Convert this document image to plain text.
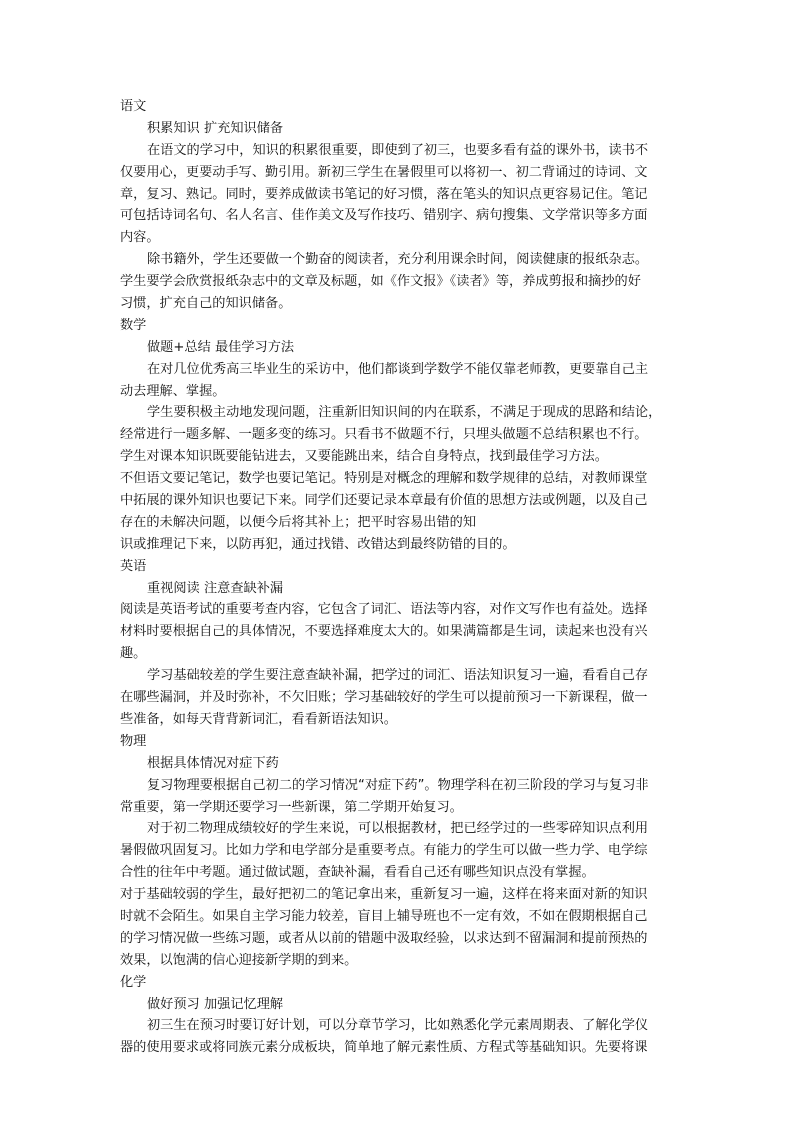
语文
积累知识 扩充知识储备
在语文的学习中，知识的积累很重要，即使到了初三，也要多看有益的课外书，读书不
仅要用心，更要动手写、勤引用。新初三学生在暑假里可以将初一、初二背诵过的诗词、文
章，复习、熟记。同时，要养成做读书笔记的好习惯，落在笔头的知识点更容易记住。笔记
可包括诗词名句、名人名言、佳作美文及写作技巧、错别字、病句搜集、文学常识等多方面
内容。
除书籍外，学生还要做一个勤奋的阅读者，充分利用课余时间，阅读健康的报纸杂志。
学生要学会欣赏报纸杂志中的文章及标题，如《作文报》《读者》等，养成剪报和摘抄的好
习惯，扩充自己的知识储备。
数学
做题+总结 最佳学习方法
在对几位优秀高三毕业生的采访中，他们都谈到学数学不能仅靠老师教，更要靠自己主
动去理解、掌握。
学生要积极主动地发现问题，注重新旧知识间的内在联系，不满足于现成的思路和结论，
经常进行一题多解、一题多变的练习。只看书不做题不行，只埋头做题不总结积累也不行。
学生对课本知识既要能钻进去，又要能跳出来，结合自身特点，找到最佳学习方法。
不但语文要记笔记，数学也要记笔记。特别是对概念的理解和数学规律的总结，对教师课堂
中拓展的课外知识也要记下来。同学们还要记录本章最有价值的思想方法或例题，以及自己
存在的未解决问题，以便今后将其补上；把平时容易出错的知
识或推理记下来，以防再犯，通过找错、改错达到最终防错的目的。
英语
重视阅读 注意查缺补漏
阅读是英语考试的重要考查内容，它包含了词汇、语法等内容，对作文写作也有益处。选择
材料时要根据自己的具体情况，不要选择难度太大的。如果满篇都是生词，读起来也没有兴
趣。
学习基础较差的学生要注意查缺补漏，把学过的词汇、语法知识复习一遍，看看自己存
在哪些漏洞，并及时弥补，不欠旧账；学习基础较好的学生可以提前预习一下新课程，做一
些准备，如每天背背新词汇，看看新语法知识。
物理
根据具体情况对症下药
复习物理要根据自己初二的学习情况“对症下药”。物理学科在初三阶段的学习与复习非
常重要，第一学期还要学习一些新课，第二学期开始复习。
对于初二物理成绩较好的学生来说，可以根据教材，把已经学过的一些零碎知识点利用
暑假做巩固复习。比如力学和电学部分是重要考点。有能力的学生可以做一些力学、电学综
合性的往年中考题。通过做试题，查缺补漏，看看自己还有哪些知识点没有掌握。
对于基础较弱的学生，最好把初二的笔记拿出来，重新复习一遍，这样在将来面对新的知识
时就不会陌生。如果自主学习能力较差，盲目上辅导班也不一定有效，不如在假期根据自己
的学习情况做一些练习题，或者从以前的错题中汲取经验，以求达到不留漏洞和提前预热的
效果，以饱满的信心迎接新学期的到来。
化学
做好预习 加强记忆理解
初三生在预习时要订好计划，可以分章节学习，比如熟悉化学元素周期表、了解化学仪
器的使用要求或将同族元素分成板块，简单地了解元素性质、方程式等基础知识。先要将课
